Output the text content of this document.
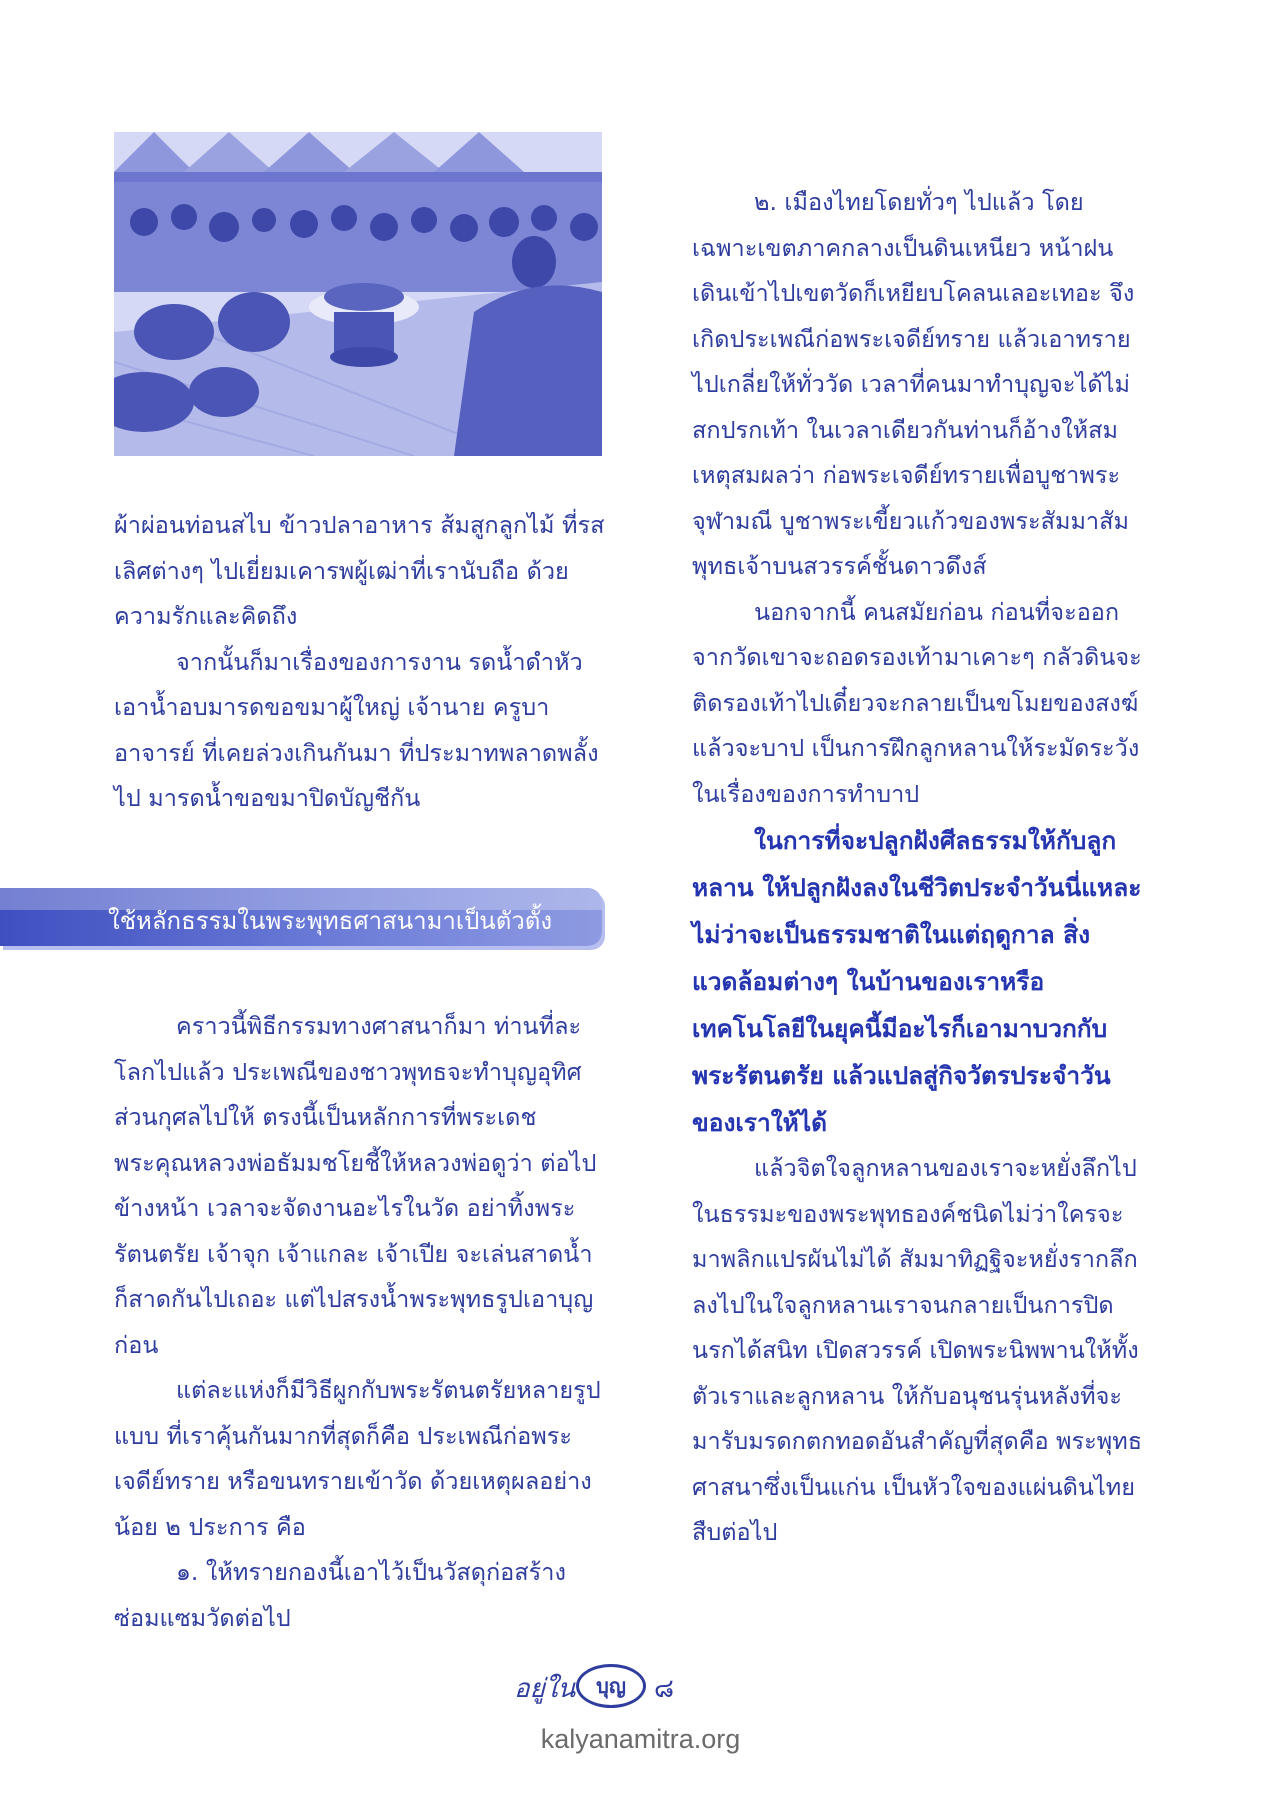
ผ้าผ่อนท่อนสไบ ข้าวปลาอาหาร ส้มสูกลูกไม้ ที่รสเลิศต่างๆ ไปเยี่ยมเคารพผู้เฒ่าที่เรานับถือ ด้วยความรักและคิดถึง

จากนั้นก็มาเรื่องของการงาน รดน้ำดำหัว เอาน้ำอบมารดขอขมาผู้ใหญ่ เจ้านาย ครูบาอาจารย์ ที่เคยล่วงเกินกันมา ที่ประมาทพลาดพลั้งไป มารดน้ำขอขมาปิดบัญชีกัน

ใช้หลักธรรมในพระพุทธศาสนามาเป็นตัวตั้ง

คราวนี้พิธีกรรมทางศาสนาก็มา ท่านที่ละโลกไปแล้ว ประเพณีของชาวพุทธจะทำบุญอุทิศส่วนกุศลไปให้ ตรงนี้เป็นหลักการที่พระเดชพระคุณหลวงพ่อธัมมชโยชี้ให้หลวงพ่อดูว่า ต่อไปข้างหน้า เวลาจะจัดงานอะไรในวัด อย่าทิ้งพระรัตนตรัย เจ้าจุก เจ้าแกละ เจ้าเปีย จะเล่นสาดน้ำก็สาดกันไปเถอะ แต่ไปสรงน้ำพระพุทธรูปเอาบุญก่อน

แต่ละแห่งก็มีวิธีผูกกับพระรัตนตรัยหลายรูปแบบ ที่เราคุ้นกันมากที่สุดก็คือ ประเพณีก่อพระเจดีย์ทราย หรือขนทรายเข้าวัด ด้วยเหตุผลอย่างน้อย ๒ ประการ คือ

๑. ให้ทรายกองนี้เอาไว้เป็นวัสดุก่อสร้างซ่อมแซมวัดต่อไป

๒. เมืองไทยโดยทั่วๆ ไปแล้ว โดยเฉพาะเขตภาคกลางเป็นดินเหนียว หน้าฝนเดินเข้าไปเขตวัดก็เหยียบโคลนเลอะเทอะ จึงเกิดประเพณีก่อพระเจดีย์ทราย แล้วเอาทรายไปเกลี่ยให้ทั่ววัด เวลาที่คนมาทำบุญจะได้ไม่สกปรกเท้า ในเวลาเดียวกันท่านก็อ้างให้สมเหตุสมผลว่า ก่อพระเจดีย์ทรายเพื่อบูชาพระจุฬามณี บูชาพระเขี้ยวแก้วของพระสัมมาสัมพุทธเจ้าบนสวรรค์ชั้นดาวดึงส์

นอกจากนี้ คนสมัยก่อน ก่อนที่จะออกจากวัดเขาจะถอดรองเท้ามาเคาะๆ กลัวดินจะติดรองเท้าไปเดี๋ยวจะกลายเป็นขโมยของสงฆ์แล้วจะบาป เป็นการฝึกลูกหลานให้ระมัดระวังในเรื่องของการทำบาป

ในการที่จะปลูกฝังศีลธรรมให้กับลูกหลาน ให้ปลูกฝังลงในชีวิตประจำวันนี่แหละ ไม่ว่าจะเป็นธรรมชาติในแต่ฤดูกาล สิ่งแวดล้อมต่างๆ ในบ้านของเราหรือเทคโนโลยีในยุคนี้มีอะไรก็เอามาบวกกับพระรัตนตรัย แล้วแปลสู่กิจวัตรประจำวันของเราให้ได้

แล้วจิตใจลูกหลานของเราจะหยั่งลึกไปในธรรมะของพระพุทธองค์ชนิดไม่ว่าใครจะมาพลิกแปรผันไม่ได้ สัมมาทิฏฐิจะหยั่งรากลึกลงไปในใจลูกหลานเราจนกลายเป็นการปิดนรกได้สนิท เปิดสวรรค์ เปิดพระนิพพานให้ทั้งตัวเราและลูกหลาน ให้กับอนุชนรุ่นหลังที่จะมารับมรดกตกทอดอันสำคัญที่สุดคือ พระพุทธศาสนาซึ่งเป็นแก่น เป็นหัวใจของแผ่นดินไทยสืบต่อไป

อยู่ใน	บุญ	๘
kalyanamitra.org
